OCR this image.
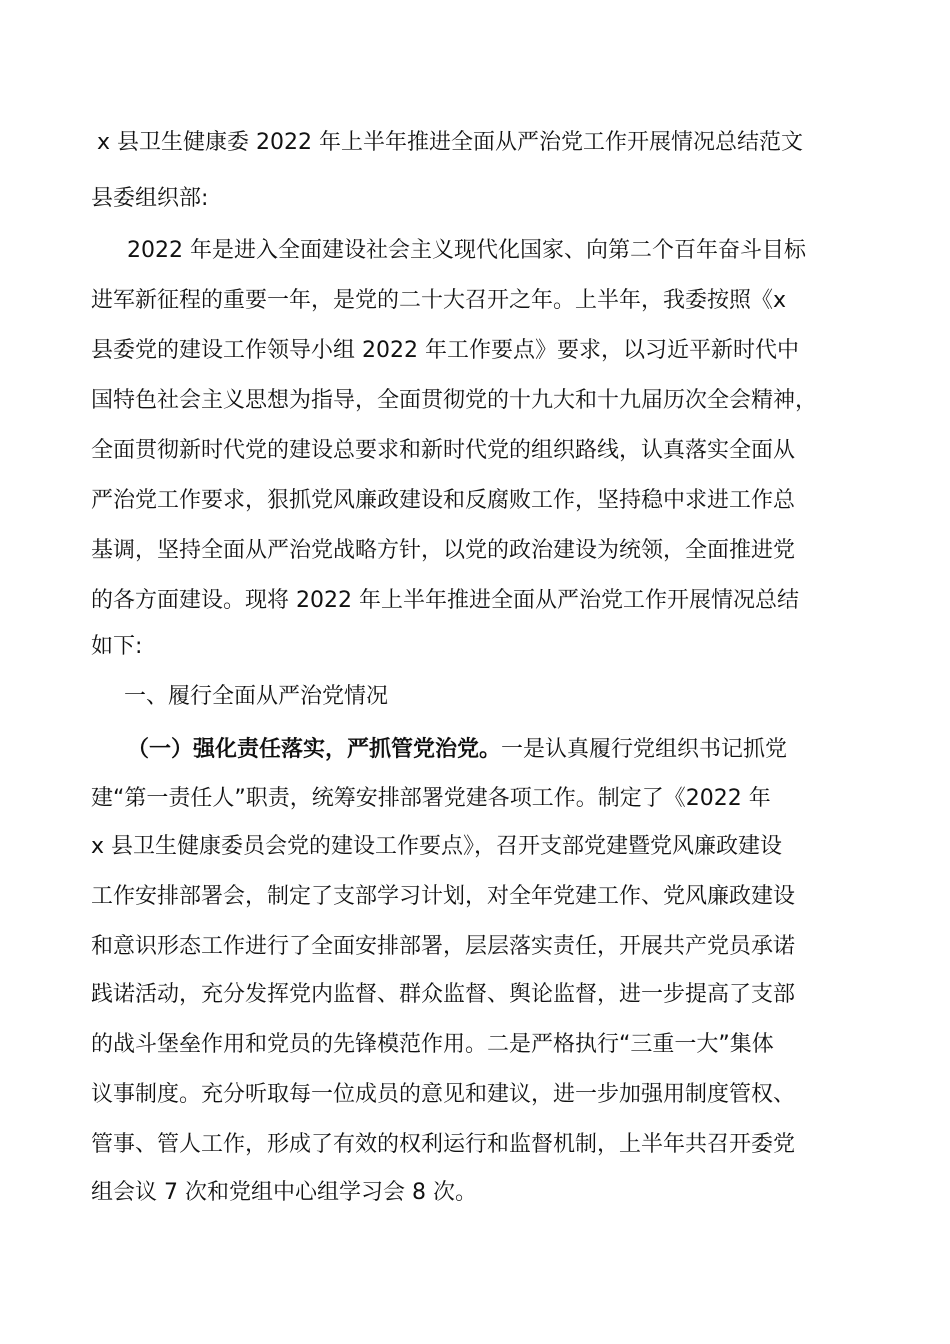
x 县卫生健康委 2022 年上半年推进全面从严治党工作开展情况总结范文
县委组织部:
2022 年是进入全面建设社会主义现代化国家、向第二个百年奋斗目标
进军新征程的重要一年，是党的二十大召开之年。上半年，我委按照《x
县委党的建设工作领导小组 2022 年工作要点》要求，以习近平新时代中
国特色社会主义思想为指导，全面贯彻党的十九大和十九届历次全会精神，
全面贯彻新时代党的建设总要求和新时代党的组织路线，认真落实全面从
严治党工作要求，狠抓党风廉政建设和反腐败工作，坚持稳中求进工作总
基调，坚持全面从严治党战略方针，以党的政治建设为统领，全面推进党
的各方面建设。现将 2022 年上半年推进全面从严治党工作开展情况总结
如下:
一、履行全面从严治党情况
（一）强化责任落实，严抓管党治党。一是认真履行党组织书记抓党
建“第一责任人”职责，统筹安排部署党建各项工作。制定了《2022 年
x 县卫生健康委员会党的建设工作要点》，召开支部党建暨党风廉政建设
工作安排部署会，制定了支部学习计划，对全年党建工作、党风廉政建设
和意识形态工作进行了全面安排部署，层层落实责任，开展共产党员承诺
践诺活动，充分发挥党内监督、群众监督、舆论监督，进一步提高了支部
的战斗堡垒作用和党员的先锋模范作用。二是严格执行“三重一大”集体
议事制度。充分听取每一位成员的意见和建议，进一步加强用制度管权、
管事、管人工作，形成了有效的权利运行和监督机制，上半年共召开委党
组会议 7 次和党组中心组学习会 8 次。
